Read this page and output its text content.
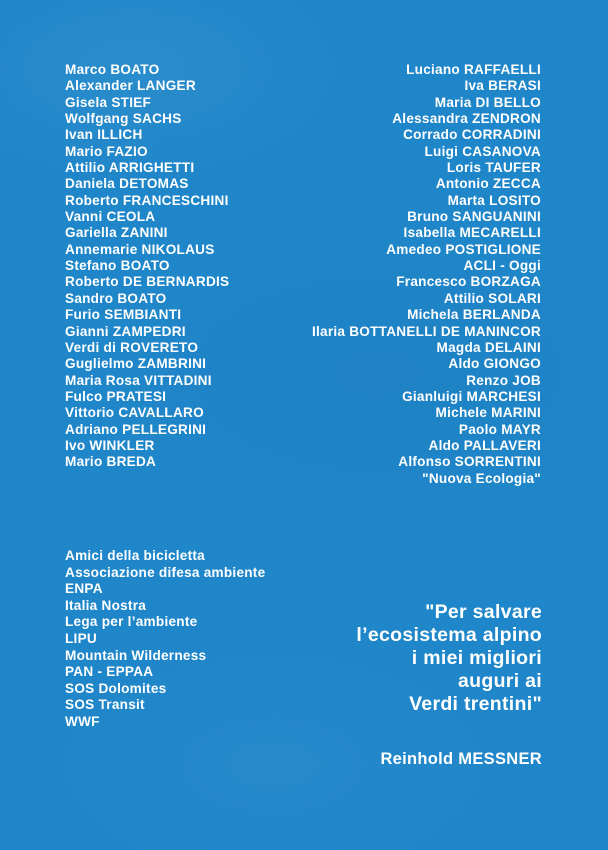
Marco BOATO
Alexander LANGER
Gisela STIEF
Wolfgang SACHS
Ivan ILLICH
Mario FAZIO
Attilio ARRIGHETTI
Daniela DETOMAS
Roberto FRANCESCHINI
Vanni CEOLA
Gariella ZANINI
Annemarie NIKOLAUS
Stefano BOATO
Roberto DE BERNARDIS
Sandro BOATO
Furio SEMBIANTI
Gianni ZAMPEDRI
Verdi di ROVERETO
Guglielmo ZAMBRINI
Maria Rosa VITTADINI
Fulco PRATESI
Vittorio CAVALLARO
Adriano PELLEGRINI
Ivo WINKLER
Mario BREDA
Luciano RAFFAELLI
Iva BERASI
Maria DI BELLO
Alessandra ZENDRON
Corrado CORRADINI
Luigi CASANOVA
Loris TAUFER
Antonio ZECCA
Marta LOSITO
Bruno SANGUANINI
Isabella MECARELLI
Amedeo POSTIGLIONE
ACLI - Oggi
Francesco BORZAGA
Attilio SOLARI
Michela BERLANDA
Ilaria BOTTANELLI DE MANINCOR
Magda DELAINI
Aldo GIONGO
Renzo JOB
Gianluigi MARCHESI
Michele MARINI
Paolo MAYR
Aldo PALLAVERI
Alfonso SORRENTINI
"Nuova Ecologia"
Amici della bicicletta
Associazione difesa ambiente
ENPA
Italia Nostra
Lega per l’ambiente
LIPU
Mountain Wilderness
PAN - EPPAA
SOS Dolomites
SOS Transit
WWF
"Per salvare
l’ecosistema alpino
i miei migliori
auguri ai
Verdi trentini"

Reinhold MESSNER
